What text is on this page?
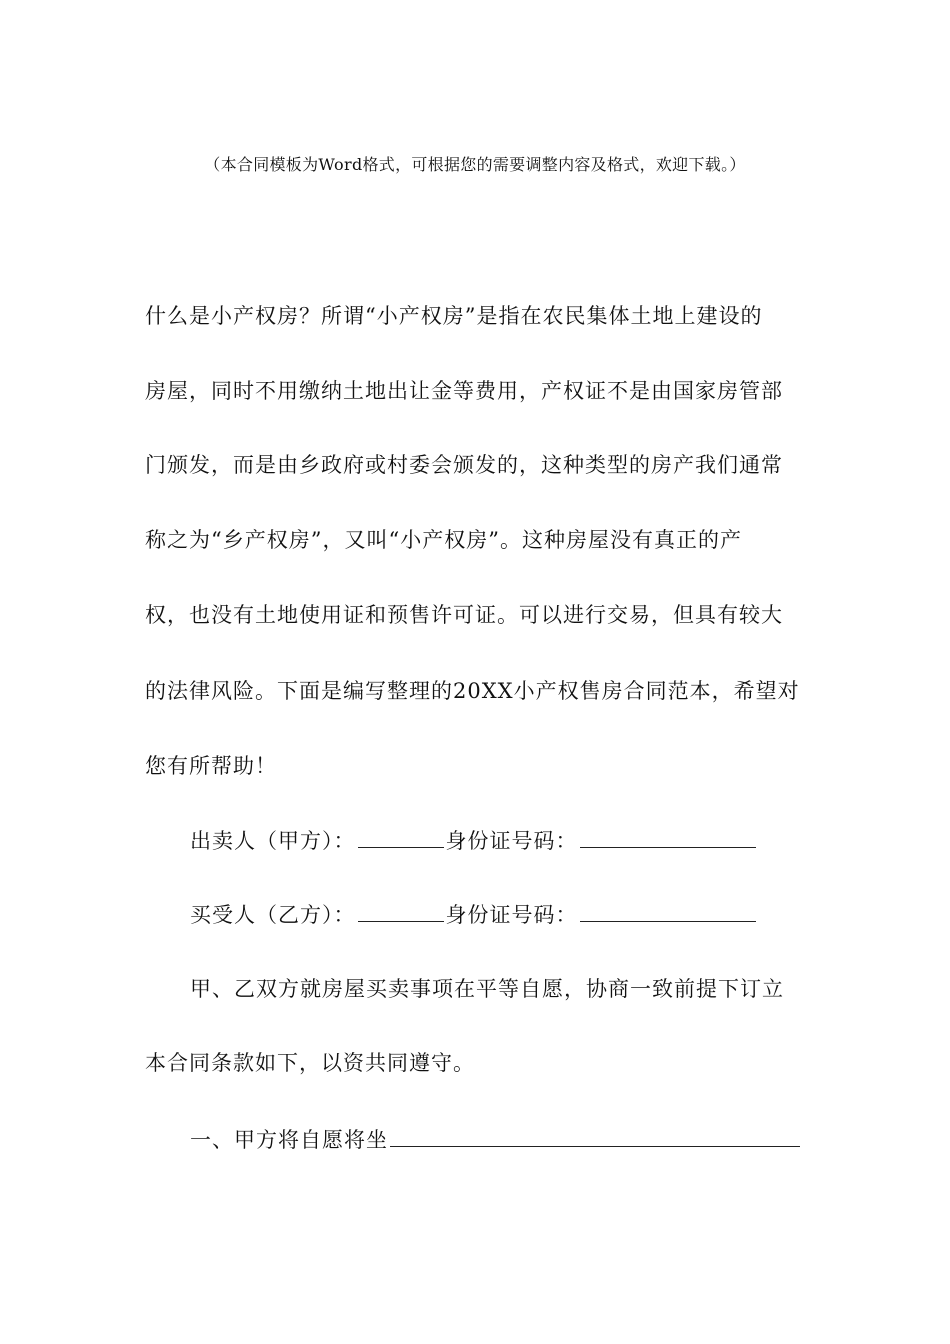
（本合同模板为Word格式，可根据您的需要调整内容及格式，欢迎下载。）
什么是小产权房？所谓“小产权房”是指在农民集体土地上建设的
房屋，同时不用缴纳土地出让金等费用，产权证不是由国家房管部
门颁发，而是由乡政府或村委会颁发的，这种类型的房产我们通常
称之为“乡产权房”，又叫“小产权房”。这种房屋没有真正的产
权，也没有土地使用证和预售许可证。可以进行交易，但具有较大
的法律风险。下面是编写整理的20XX小产权售房合同范本，希望对
您有所帮助！
出卖人（甲方）：	身份证号码：
买受人（乙方）：	身份证号码：
甲、乙双方就房屋买卖事项在平等自愿，协商一致前提下订立
本合同条款如下，以资共同遵守。
一、甲方将自愿将坐
